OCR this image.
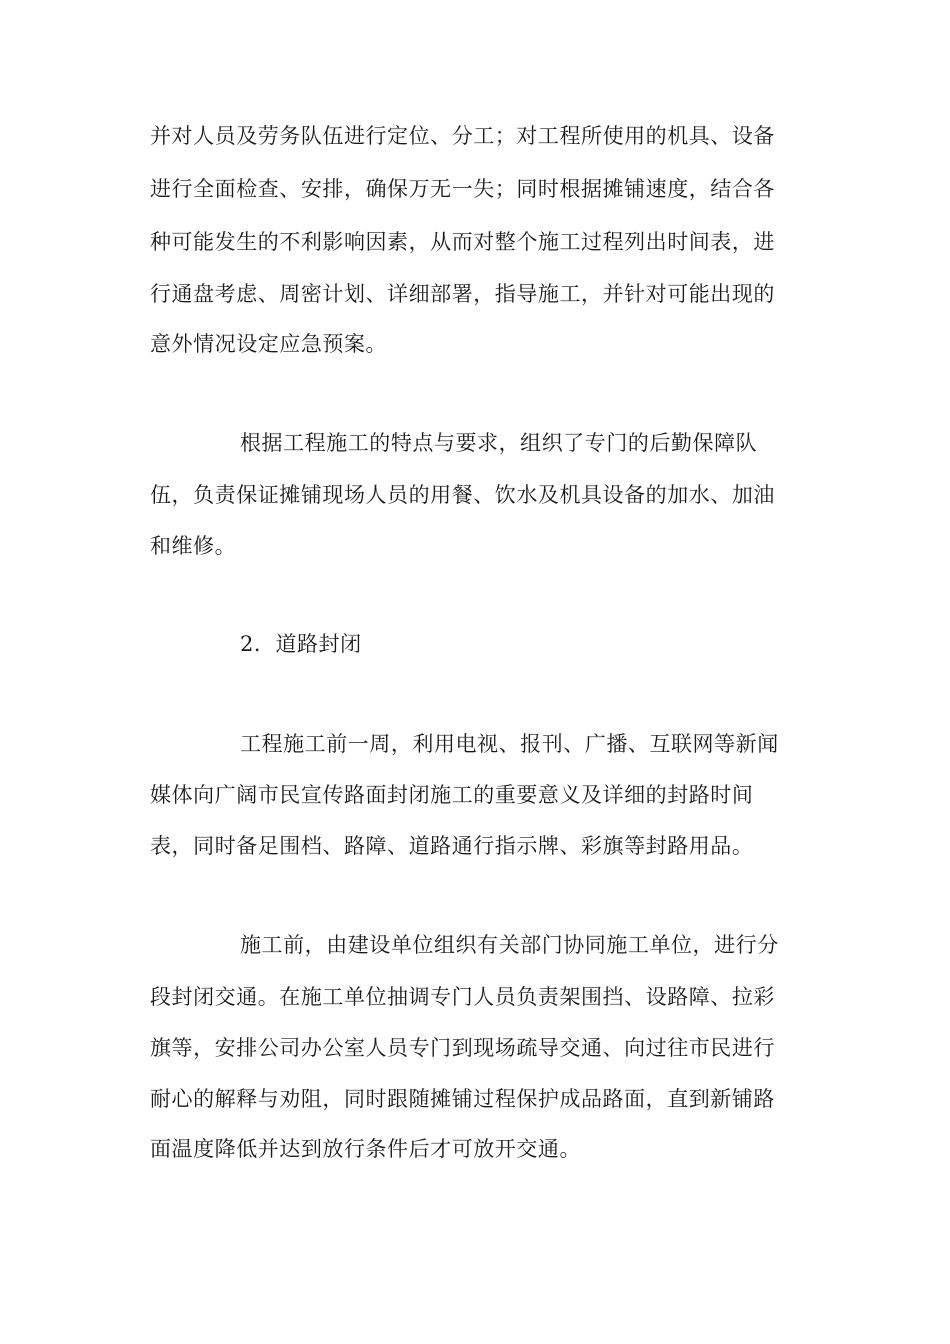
并对人员及劳务队伍进行定位、分工；对工程所使用的机具、设备
进行全面检查、安排，确保万无一失；同时根据摊铺速度，结合各
种可能发生的不利影响因素，从而对整个施工过程列出时间表，进
行通盘考虑、周密计划、详细部署，指导施工，并针对可能出现的
意外情况设定应急预案。
根据工程施工的特点与要求，组织了专门的后勤保障队
伍，负责保证摊铺现场人员的用餐、饮水及机具设备的加水、加油
和维修。
2．道路封闭
工程施工前一周，利用电视、报刊、广播、互联网等新闻
媒体向广阔市民宣传路面封闭施工的重要意义及详细的封路时间
表，同时备足围档、路障、道路通行指示牌、彩旗等封路用品。
施工前，由建设单位组织有关部门协同施工单位，进行分
段封闭交通。在施工单位抽调专门人员负责架围挡、设路障、拉彩
旗等，安排公司办公室人员专门到现场疏导交通、向过往市民进行
耐心的解释与劝阻，同时跟随摊铺过程保护成品路面，直到新铺路
面温度降低并达到放行条件后才可放开交通。
